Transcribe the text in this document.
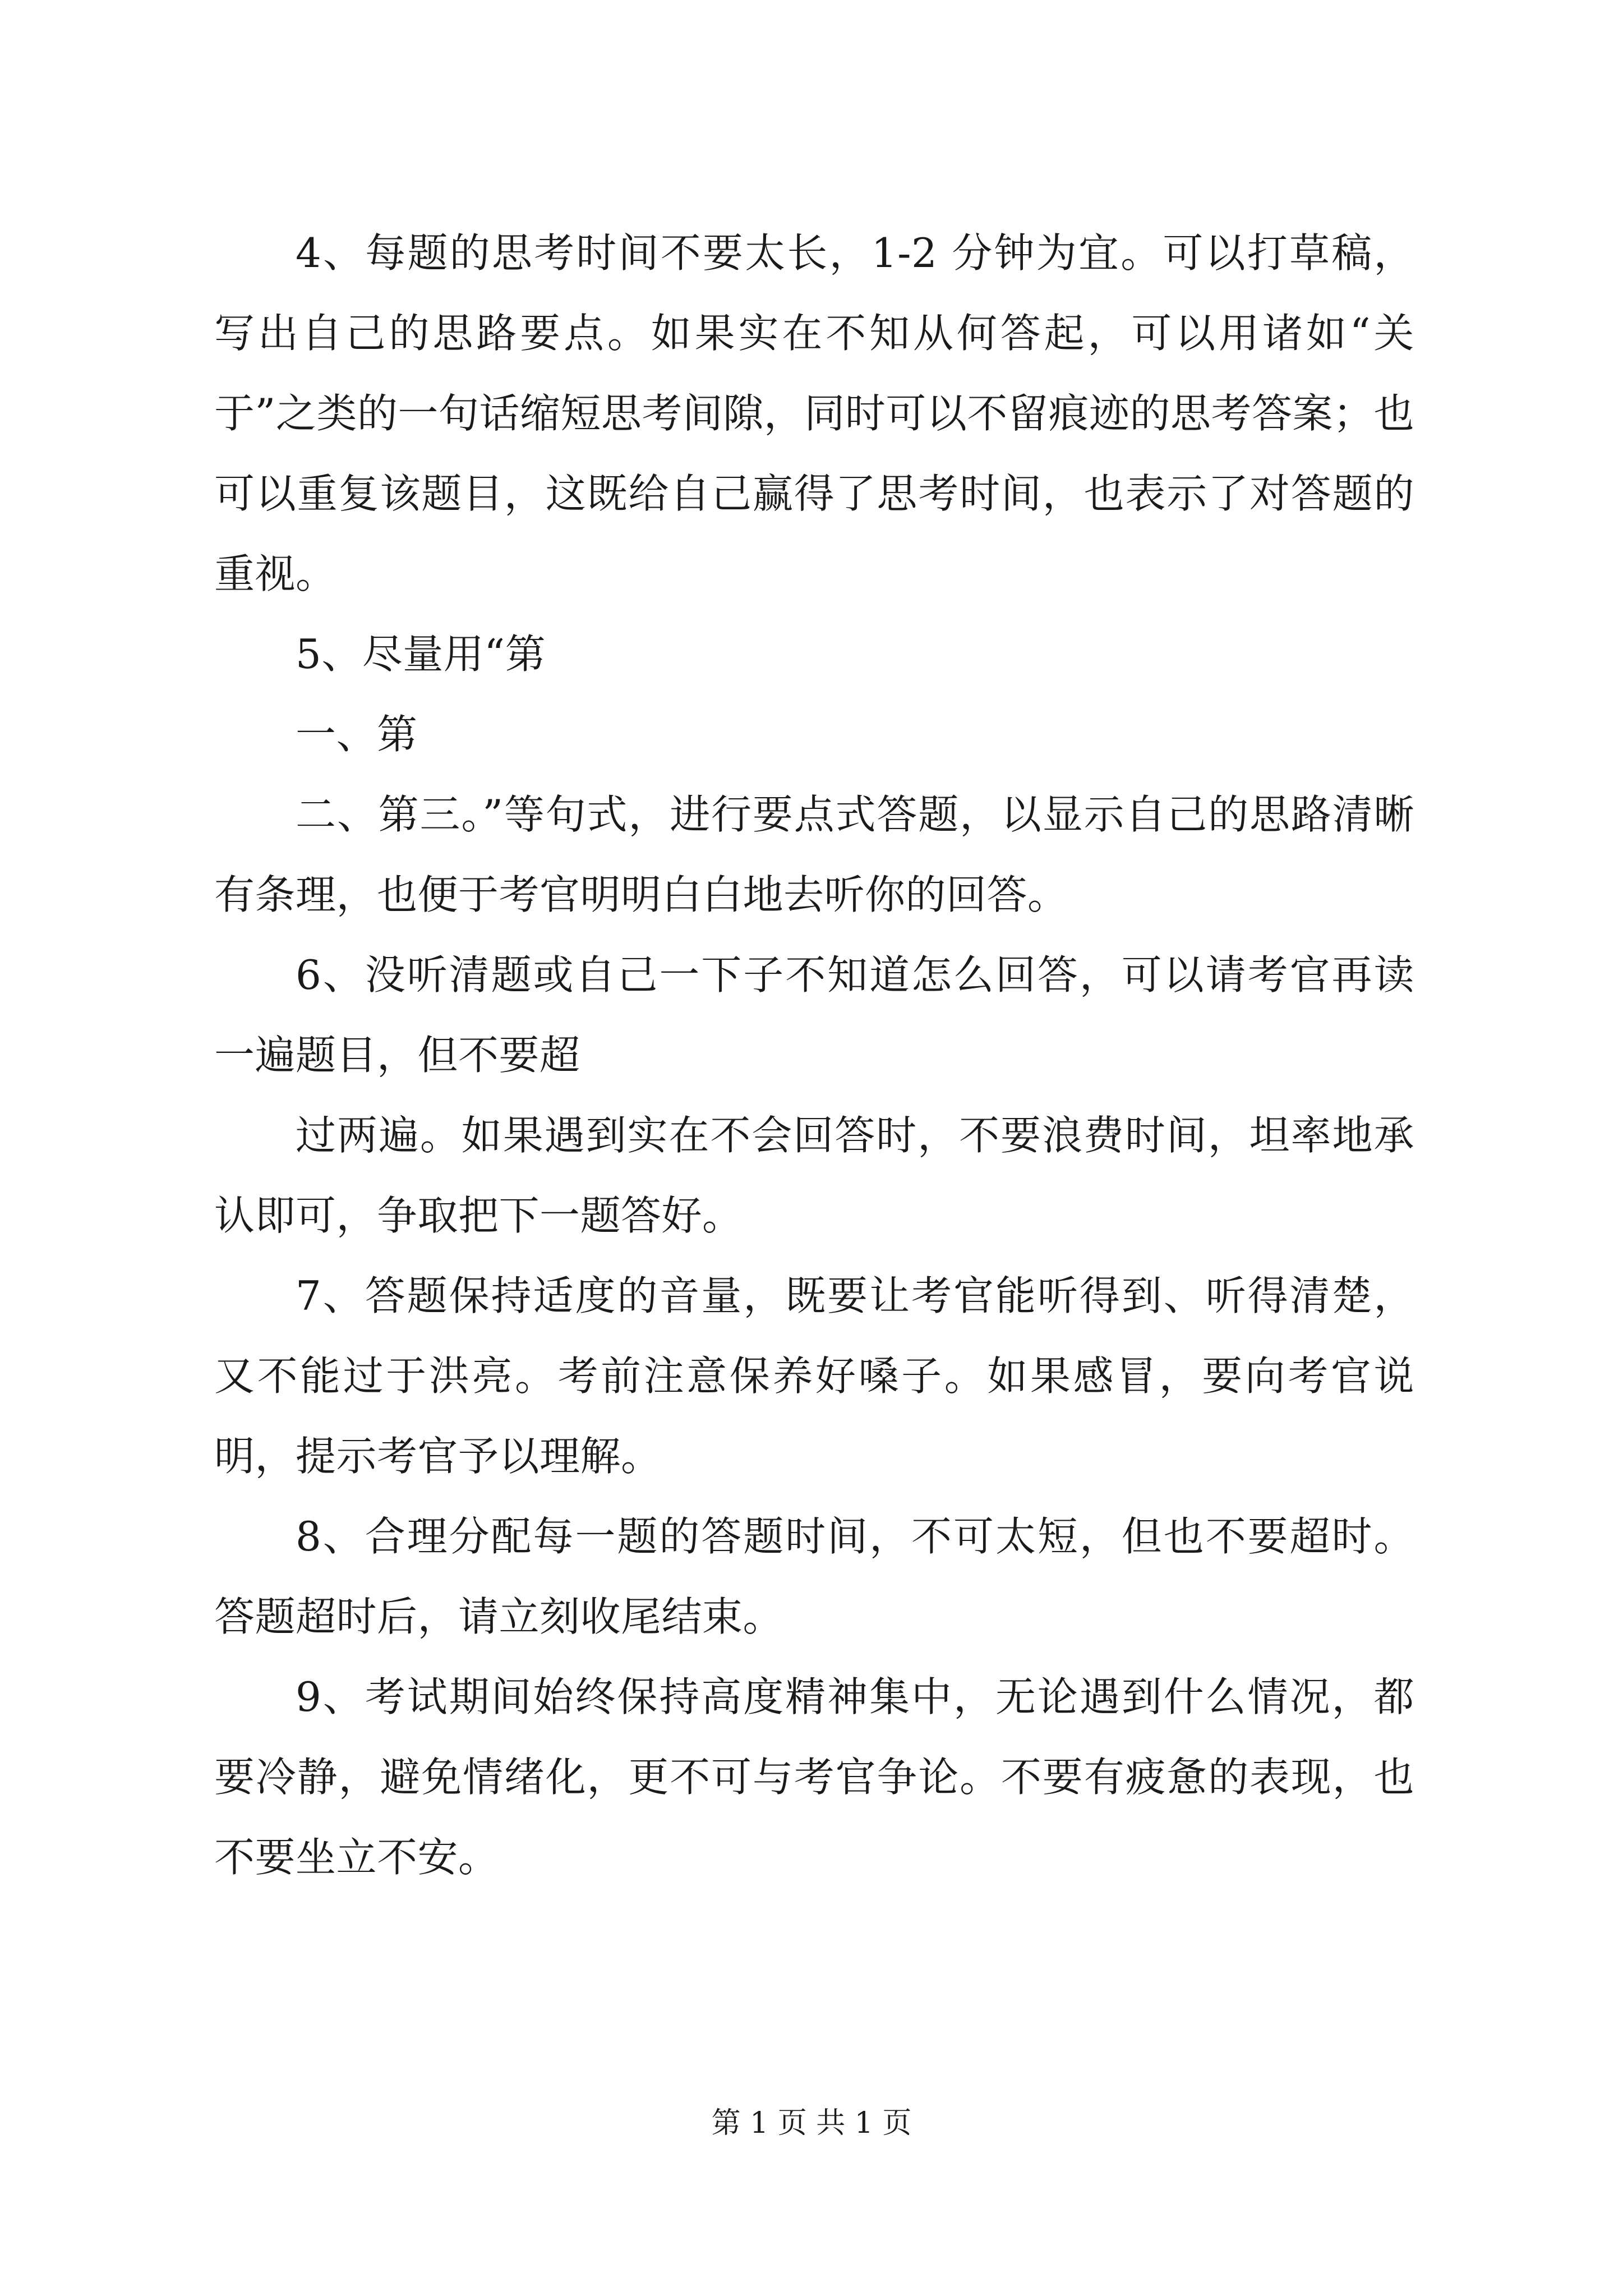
4、每题的思考时间不要太长，1-2 分钟为宜。可以打草稿，写出自己的思路要点。如果实在不知从何答起，可以用诸如“关于”之类的一句话缩短思考间隙，同时可以不留痕迹的思考答案；也可以重复该题目，这既给自己赢得了思考时间，也表示了对答题的重视。

5、尽量用“第

一、第

二、第三。”等句式，进行要点式答题，以显示自己的思路清晰有条理，也便于考官明明白白地去听你的回答。

6、没听清题或自己一下子不知道怎么回答，可以请考官再读一遍题目，但不要超

过两遍。如果遇到实在不会回答时，不要浪费时间，坦率地承认即可，争取把下一题答好。

7、答题保持适度的音量，既要让考官能听得到、听得清楚，又不能过于洪亮。考前注意保养好嗓子。如果感冒，要向考官说明，提示考官予以理解。

8、合理分配每一题的答题时间，不可太短，但也不要超时。答题超时后，请立刻收尾结束。

9、考试期间始终保持高度精神集中，无论遇到什么情况，都要冷静，避免情绪化，更不可与考官争论。不要有疲惫的表现，也不要坐立不安。

第 1 页 共 1 页
